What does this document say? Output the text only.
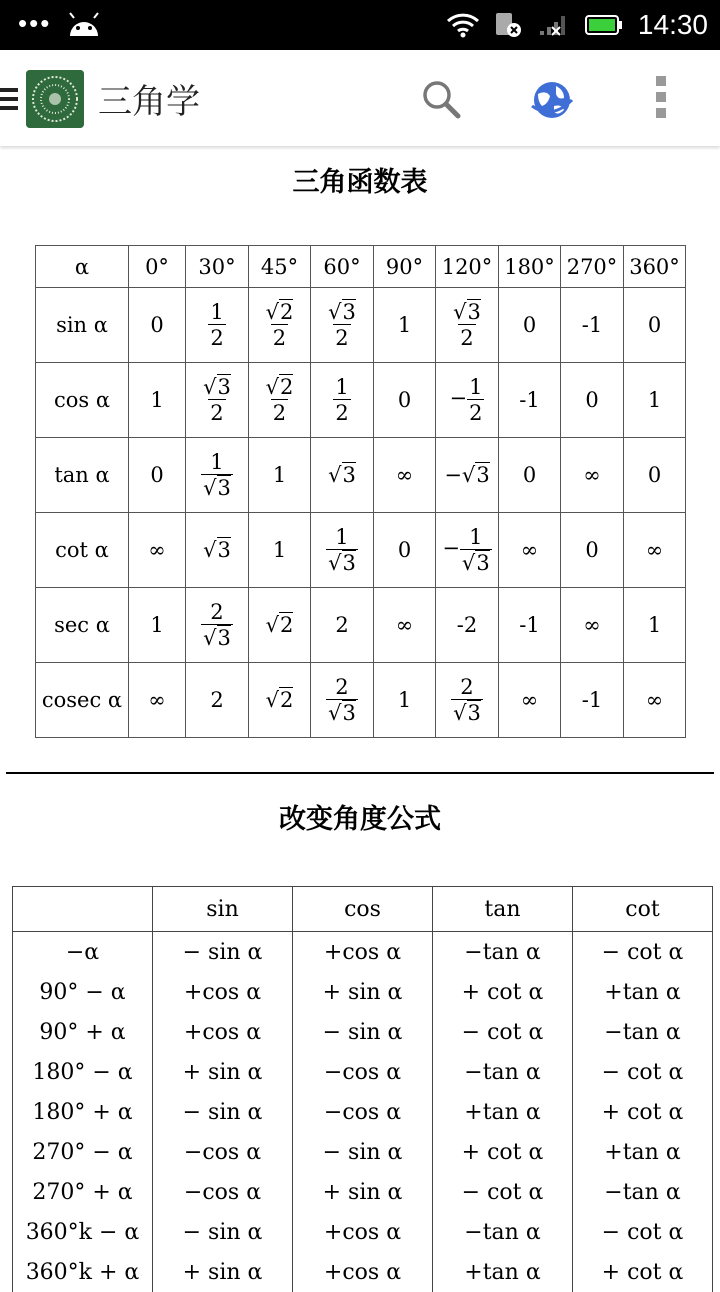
•••	14:30
三角学
三角函数表
α	0°	30°	45°	60°	90°	120°	180°	270°	360°
sin α	0	$\frac{1}{2}$	$\frac{√2}{2}$	$\frac{√3}{2}$	1	$\frac{√3}{2}$	0	-1	0
cos α	1	$\frac{√3}{2}$	$\frac{√2}{2}$	$\frac{1}{2}$	0	− $\frac{1}{2}$	-1	0	1
tan α	0	$\frac{1}{√3}$	1	√3	∞	−√3	0	∞	0
cot α	∞	√3	1	$\frac{1}{√3}$	0	− $\frac{1}{√3}$	∞	0	∞
sec α	1	$\frac{2}{√3}$	√2	2	∞	-2	-1	∞	1
cosec α	∞	2	√2	$\frac{2}{√3}$	1	$\frac{2}{√3}$	∞	-1	∞
改变角度公式
	sin	cos	tan	cot
−α	− sin α	+cos α	−tan α	− cot α
90° − α	+cos α	+ sin α	+ cot α	+tan α
90° + α	+cos α	− sin α	− cot α	−tan α
180° − α	+ sin α	−cos α	−tan α	− cot α
180° + α	− sin α	−cos α	+tan α	+ cot α
270° − α	−cos α	− sin α	+ cot α	+tan α
270° + α	−cos α	+ sin α	− cot α	−tan α
360°k − α	− sin α	+cos α	−tan α	− cot α
360°k + α	+ sin α	+cos α	+tan α	+ cot α
